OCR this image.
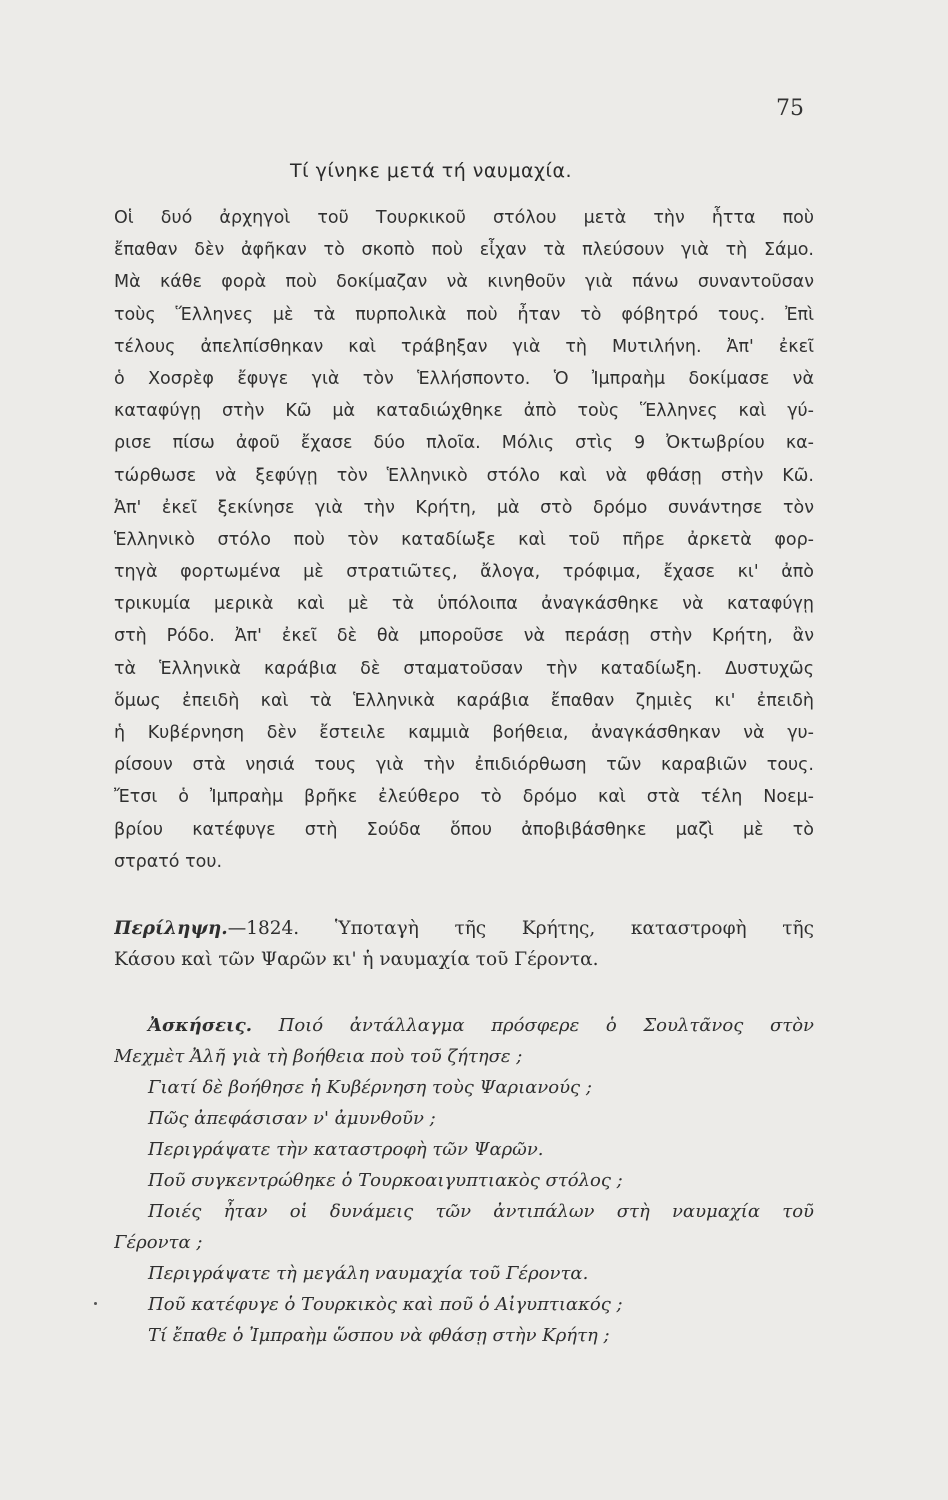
75
Τί γίνηκε μετά τή ναυμαχία.
Οἱ δυό ἀρχηγοὶ τοῦ Τουρκικοῦ στόλου μετὰ τὴν ἧττα ποὺ
ἔπαθαν δὲν ἀφῆκαν τὸ σκοπὸ ποὺ εἶχαν τὰ πλεύσουν γιὰ τὴ Σάμο.
Μὰ κάθε φορὰ ποὺ δοκίμαζαν νὰ κινηθοῦν γιὰ πάνω συναντοῦσαν
τοὺς Ἕλληνες μὲ τὰ πυρπολικὰ ποὺ ἦταν τὸ φόβητρό τους. Ἐπὶ
τέλους ἀπελπίσθηκαν καὶ τράβηξαν γιὰ τὴ Μυτιλήνη. Ἀπ' ἐκεῖ
ὁ Χοσρὲφ ἔφυγε γιὰ τὸν Ἑλλήσποντο. Ὁ Ἰμπραὴμ δοκίμασε νὰ
καταφύγῃ στὴν Κῶ μὰ καταδιώχθηκε ἀπὸ τοὺς Ἕλληνες καὶ γύ-
ρισε πίσω ἀφοῦ ἔχασε δύο πλοῖα. Μόλις στὶς 9 Ὀκτωβρίου κα-
τώρθωσε νὰ ξεφύγῃ τὸν Ἑλληνικὸ στόλο καὶ νὰ φθάσῃ στὴν Κῶ.
Ἀπ' ἐκεῖ ξεκίνησε γιὰ τὴν Κρήτη, μὰ στὸ δρόμο συνάντησε τὸν
Ἑλληνικὸ στόλο ποὺ τὸν καταδίωξε καὶ τοῦ πῆρε ἀρκετὰ φορ-
τηγὰ φορτωμένα μὲ στρατιῶτες, ἄλογα, τρόφιμα, ἔχασε κι' ἀπὸ
τρικυμία μερικὰ καὶ μὲ τὰ ὑπόλοιπα ἀναγκάσθηκε νὰ καταφύγῃ
στὴ Ρόδο. Ἀπ' ἐκεῖ δὲ θὰ μποροῦσε νὰ περάσῃ στὴν Κρήτη, ἂν
τὰ Ἑλληνικὰ καράβια δὲ σταματοῦσαν τὴν καταδίωξη. Δυστυχῶς
ὅμως ἐπειδὴ καὶ τὰ Ἑλληνικὰ καράβια ἔπαθαν ζημιὲς κι' ἐπειδὴ
ἡ Κυβέρνηση δὲν ἔστειλε καμμιὰ βοήθεια, ἀναγκάσθηκαν νὰ γυ-
ρίσουν στὰ νησιά τους γιὰ τὴν ἐπιδιόρθωση τῶν καραβιῶν τους.
Ἔτσι ὁ Ἰμπραὴμ βρῆκε ἐλεύθερο τὸ δρόμο καὶ στὰ τέλη Νοεμ-
βρίου κατέφυγε στὴ Σούδα ὅπου ἀποβιβάσθηκε μαζὶ μὲ τὸ
στρατό του.
Περίληψη.—1824. Ὑποταγὴ τῆς Κρήτης, καταστροφὴ τῆς
Κάσου καὶ τῶν Ψαρῶν κι' ἡ ναυμαχία τοῦ Γέροντα.
Ἀσκήσεις. Ποιό ἀντάλλαγμα πρόσφερε ὁ Σουλτᾶνος στὸν
Μεχμὲτ Ἀλῆ γιὰ τὴ βοήθεια ποὺ τοῦ ζήτησε ;
Γιατί δὲ βοήθησε ἡ Κυβέρνηση τοὺς Ψαριανούς ;
Πῶς ἀπεφάσισαν ν' ἀμυνθοῦν ;
Περιγράψατε τὴν καταστροφὴ τῶν Ψαρῶν.
Ποῦ συγκεντρώθηκε ὁ Τουρκοαιγυπτιακὸς στόλος ;
Ποιές ἦταν οἱ δυνάμεις τῶν ἀντιπάλων στὴ ναυμαχία τοῦ
Γέροντα ;
Περιγράψατε τὴ μεγάλη ναυμαχία τοῦ Γέροντα.
Ποῦ κατέφυγε ὁ Τουρκικὸς καὶ ποῦ ὁ Αἰγυπτιακός ;
Τί ἔπαθε ὁ Ἰμπραὴμ ὥσπου νὰ φθάσῃ στὴν Κρήτη ;
